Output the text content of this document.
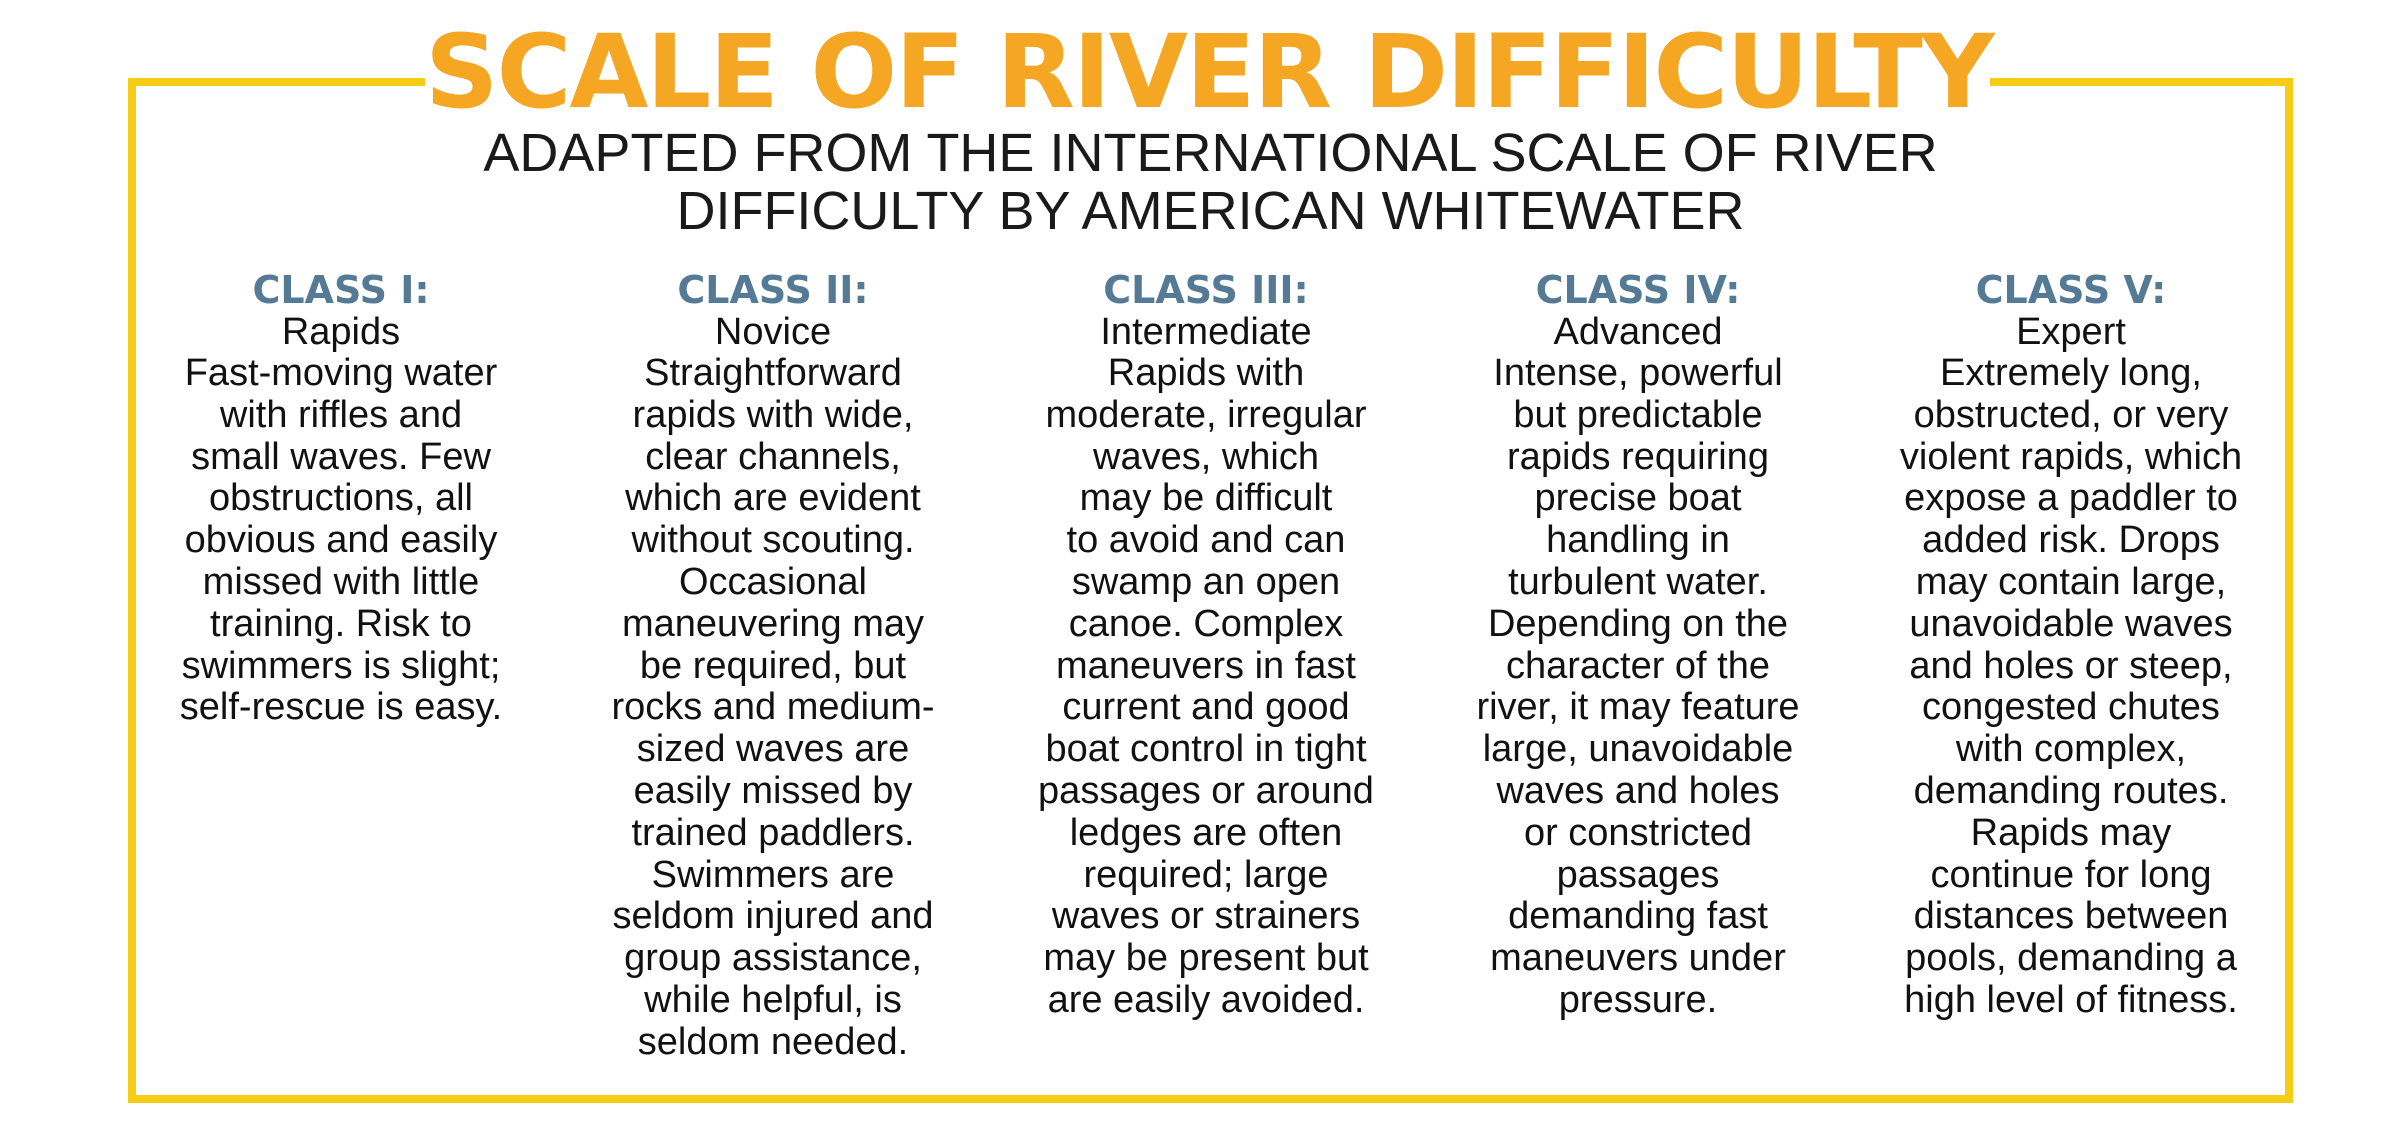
SCALE OF RIVER DIFFICULTY
ADAPTED FROM THE INTERNATIONAL SCALE OF RIVER
DIFFICULTY BY AMERICAN WHITEWATER
CLASS I:
Rapids
Fast-moving water
with riffles and
small waves. Few
obstructions, all
obvious and easily
missed with little
training. Risk to
swimmers is slight;
self-rescue is easy.
CLASS II:
Novice
Straightforward
rapids with wide,
clear channels,
which are evident
without scouting.
Occasional
maneuvering may
be required, but
rocks and medium-
sized waves are
easily missed by
trained paddlers.
Swimmers are
seldom injured and
group assistance,
while helpful, is
seldom needed.
CLASS III:
Intermediate
Rapids with
moderate, irregular
waves, which
may be difficult
to avoid and can
swamp an open
canoe. Complex
maneuvers in fast
current and good
boat control in tight
passages or around
ledges are often
required; large
waves or strainers
may be present but
are easily avoided.
CLASS IV:
Advanced
Intense, powerful
but predictable
rapids requiring
precise boat
handling in
turbulent water.
Depending on the
character of the
river, it may feature
large, unavoidable
waves and holes
or constricted
passages
demanding fast
maneuvers under
pressure.
CLASS V:
Expert
Extremely long,
obstructed, or very
violent rapids, which
expose a paddler to
added risk. Drops
may contain large,
unavoidable waves
and holes or steep,
congested chutes
with complex,
demanding routes.
Rapids may
continue for long
distances between
pools, demanding a
high level of fitness.
